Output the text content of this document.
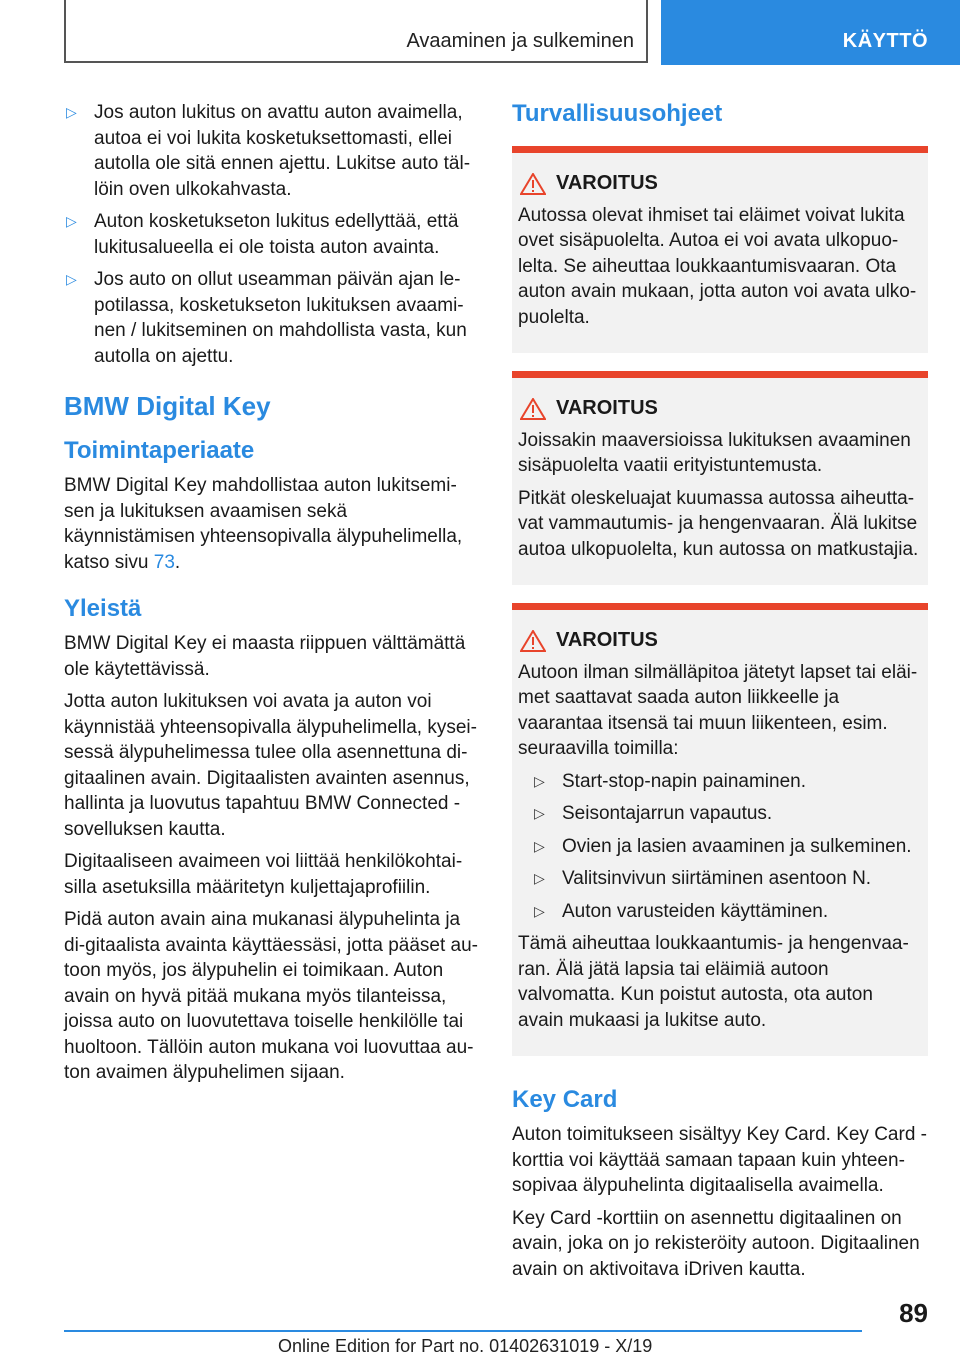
Avaaminen ja sulkeminen	KÄYTTÖ
▷ Jos auton lukitus on avattu auton avaimella, autoa ei voi lukita kosketuksettomasti, ellei autolla ole sitä ennen ajettu. Lukitse auto täl-löin oven ulkokahvasta.
▷ Auton kosketukseton lukitus edellyttää, että lukitusalueella ei ole toista auton avainta.
▷ Jos auto on ollut useamman päivän ajan le-potilassa, kosketukseton lukituksen avaami-nen / lukitseminen on mahdollista vasta, kun autolla on ajettu.
BMW Digital Key
Toimintaperiaate

BMW Digital Key mahdollistaa auton lukitsemi-sen ja lukituksen avaamisen sekä käynnistämisen yhteensopivalla älypuhelimella, katso sivu 73.

Yleistä

BMW Digital Key ei maasta riippuen välttämättä ole käytettävissä.

Jotta auton lukituksen voi avata ja auton voi käynnistää yhteensopivalla älypuhelimella, kysei-sessä älypuhelimessa tulee olla asennettuna di-gitaalinen avain. Digitaalisten avainten asennus, hallinta ja luovutus tapahtuu BMW Connected -sovelluksen kautta.

Digitaaliseen avaimeen voi liittää henkilökohtai-silla asetuksilla määritetyn kuljettajaprofiilin.

Pidä auton avain aina mukanasi älypuhelinta ja di-gitaalista avainta käyttäessäsi, jotta pääset au-toon myös, jos älypuhelin ei toimikaan. Auton avain on hyvä pitää mukana myös tilanteissa, joissa auto on luovutettava toiselle henkilölle tai huoltoon. Tällöin auton mukana voi luovuttaa au-ton avaimen älypuhelimen sijaan.

Turvallisuusohjeet
VAROITUS

Autossa olevat ihmiset tai eläimet voivat lukita ovet sisäpuolelta. Autoa ei voi avata ulkopuo-lelta. Se aiheuttaa loukkaantumisvaaran. Ota auton avain mukaan, jotta auton voi avata ulko-puolelta.

VAROITUS

Joissakin maaversioissa lukituksen avaaminen sisäpuolelta vaatii erityistuntemusta.

Pitkät oleskeluajat kuumassa autossa aiheutta-vat vammautumis- ja hengenvaaran. Älä lukitse autoa ulkopuolelta, kun autossa on matkustajia.

VAROITUS

Autoon ilman silmälläpitoa jätetyt lapset tai eläi-met saattavat saada auton liikkeelle ja vaarantaa itsensä tai muun liikenteen, esim. seuraavilla toimilla:

▷ Start-stop-napin painaminen.
▷ Seisontajarrun vapautus.
▷ Ovien ja lasien avaaminen ja sulkeminen.
▷ Valitsinvivun siirtäminen asentoon N.
▷ Auton varusteiden käyttäminen.

Tämä aiheuttaa loukkaantumis- ja hengenvaa-ran. Älä jätä lapsia tai eläimiä autoon valvomatta. Kun poistut autosta, ota auton avain mukaasi ja lukitse auto.

Key Card

Auton toimitukseen sisältyy Key Card. Key Card -korttia voi käyttää samaan tapaan kuin yhteen-sopivaa älypuhelinta digitaalisella avaimella.

Key Card -korttiin on asennettu digitaalinen on avain, joka on jo rekisteröity autoon. Digitaalinen avain on aktivoitava iDriven kautta.

89
Online Edition for Part no. 01402631019 - X/19
